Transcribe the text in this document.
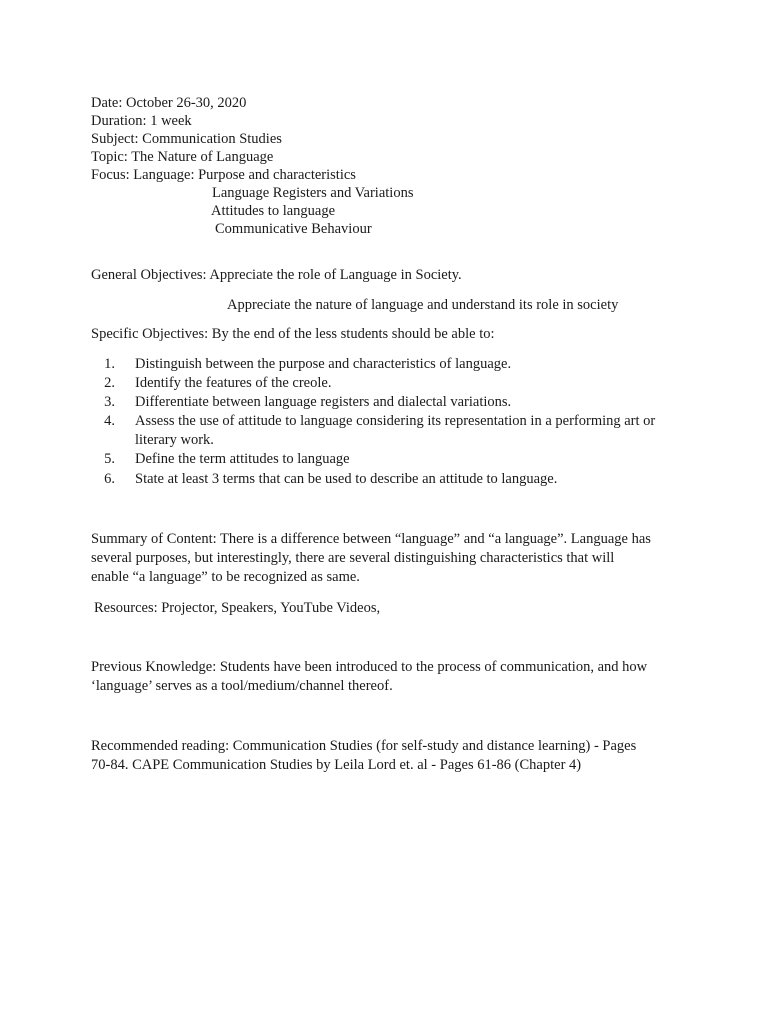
Date: October 26-30, 2020
Duration: 1 week
Subject: Communication Studies
Topic: The Nature of Language
Focus: Language: Purpose and characteristics
Language Registers and Variations
Attitudes to language
Communicative Behaviour
General Objectives: Appreciate the role of Language in Society.
Appreciate the nature of language and understand its role in society
Specific Objectives: By the end of the less students should be able to:
1. Distinguish between the purpose and characteristics of language.
2. Identify the features of the creole.
3. Differentiate between language registers and dialectal variations.
4. Assess the use of attitude to language considering its representation in a performing art or
literary work.
5. Define the term attitudes to language
6. State at least 3 terms that can be used to describe an attitude to language.
Summary of Content: There is a difference between “language” and “a language”. Language has
several purposes, but interestingly, there are several distinguishing characteristics that will
enable “a language” to be recognized as same.
Resources: Projector, Speakers, YouTube Videos,
Previous Knowledge: Students have been introduced to the process of communication, and how
‘language’ serves as a tool/medium/channel thereof.
Recommended reading: Communication Studies (for self-study and distance learning) - Pages
70-84. CAPE Communication Studies by Leila Lord et. al - Pages 61-86 (Chapter 4)
